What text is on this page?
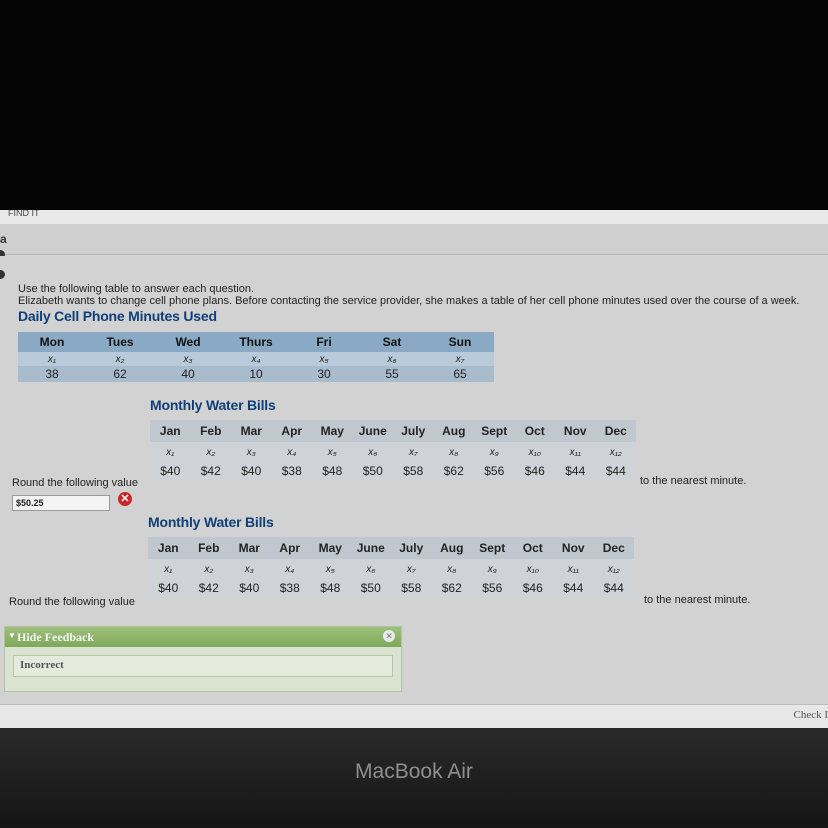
FIND IT
a
Use the following table to answer each question.
Elizabeth wants to change cell phone plans. Before contacting the service provider, she makes a table of her cell phone minutes used over the course of a week.
Daily Cell Phone Minutes Used
Mon	Tues	Wed	Thurs	Fri	Sat	Sun
x₁	x₂	x₃	x₄	x₅	x₆	x₇
38	62	40	10	30	55	65
Monthly Water Bills
Jan	Feb	Mar	Apr	May	June	July	Aug	Sept	Oct	Nov	Dec
x₁	x₂	x₃	x₄	x₅	x₆	x₇	x₈	x₉	x₁₀	x₁₁	x₁₂
$40	$42	$40	$38	$48	$50	$58	$62	$56	$46	$44	$44
Round the following value	to the nearest minute.
$50.25	✕
Monthly Water Bills
Jan	Feb	Mar	Apr	May	June	July	Aug	Sept	Oct	Nov	Dec
x₁	x₂	x₃	x₄	x₅	x₆	x₇	x₈	x₉	x₁₀	x₁₁	x₁₂
$40	$42	$40	$38	$48	$50	$58	$62	$56	$46	$44	$44
Round the following value	to the nearest minute.
▼ Hide Feedback	✕
Incorrect
Check I
MacBook Air
